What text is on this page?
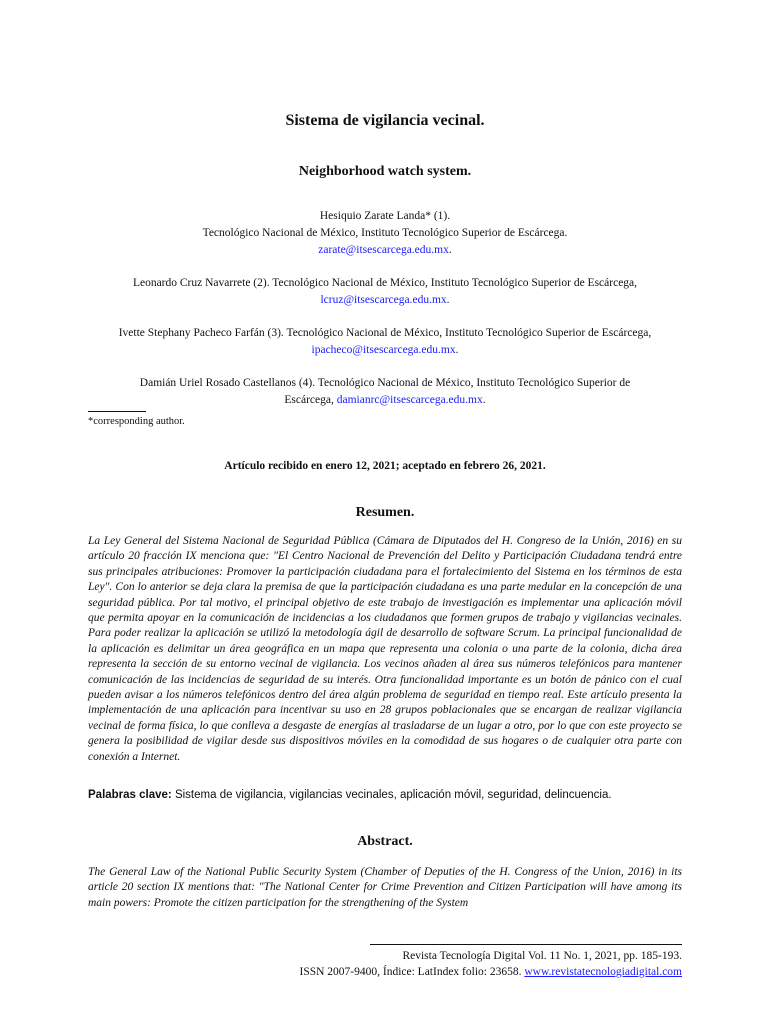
Sistema de vigilancia vecinal.
Neighborhood watch system.

Hesiquio Zarate Landa* (1).
Tecnológico Nacional de México, Instituto Tecnológico Superior de Escárcega.
zarate@itsescarcega.edu.mx.

Leonardo Cruz Navarrete (2). Tecnológico Nacional de México, Instituto Tecnológico Superior de Escárcega,
lcruz@itsescarcega.edu.mx.

Ivette Stephany Pacheco Farfán (3). Tecnológico Nacional de México, Instituto Tecnológico Superior de Escárcega,
ipacheco@itsescarcega.edu.mx.

Damián Uriel Rosado Castellanos (4). Tecnológico Nacional de México, Instituto Tecnológico Superior de
Escárcega, damianrc@itsescarcega.edu.mx.

*corresponding author.
Artículo recibido en enero 12, 2021; aceptado en febrero 26, 2021.
Resumen.
La Ley General del Sistema Nacional de Seguridad Pública (Cámara de Diputados del H. Congreso de la Unión, 2016) en su artículo 20 fracción IX menciona que: "El Centro Nacional de Prevención del Delito y Participación Ciudadana tendrá entre sus principales atribuciones: Promover la participación ciudadana para el fortalecimiento del Sistema en los términos de esta Ley". Con lo anterior se deja clara la premisa de que la participación ciudadana es una parte medular en la concepción de una seguridad pública. Por tal motivo, el principal objetivo de este trabajo de investigación es implementar una aplicación móvil que permita apoyar en la comunicación de incidencias a los ciudadanos que formen grupos de trabajo y vigilancias vecinales. Para poder realizar la aplicación se utilizó la metodología ágil de desarrollo de software Scrum. La principal funcionalidad de la aplicación es delimitar un área geográfica en un mapa que representa una colonia o una parte de la colonia, dicha área representa la sección de su entorno vecinal de vigilancia. Los vecinos añaden al área sus números telefónicos para mantener comunicación de las incidencias de seguridad de su interés. Otra funcionalidad importante es un botón de pánico con el cual pueden avisar a los números telefónicos dentro del área algún problema de seguridad en tiempo real. Este artículo presenta la implementación de una aplicación para incentivar su uso en 28 grupos poblacionales que se encargan de realizar vigilancia vecinal de forma física, lo que conlleva a desgaste de energías al trasladarse de un lugar a otro, por lo que con este proyecto se genera la posibilidad de vigilar desde sus dispositivos móviles en la comodidad de sus hogares o de cualquier otra parte con conexión a Internet.
Palabras clave: Sistema de vigilancia, vigilancias vecinales, aplicación móvil, seguridad, delincuencia.
Abstract.
The General Law of the National Public Security System (Chamber of Deputies of the H. Congress of the Union, 2016) in its article 20 section IX mentions that: "The National Center for Crime Prevention and Citizen Participation will have among its main powers: Promote the citizen participation for the strengthening of the System
Revista Tecnología Digital Vol. 11 No. 1, 2021, pp. 185-193.
ISSN 2007-9400, Índice: LatIndex folio: 23658. www.revistatecnologiadigital.com
